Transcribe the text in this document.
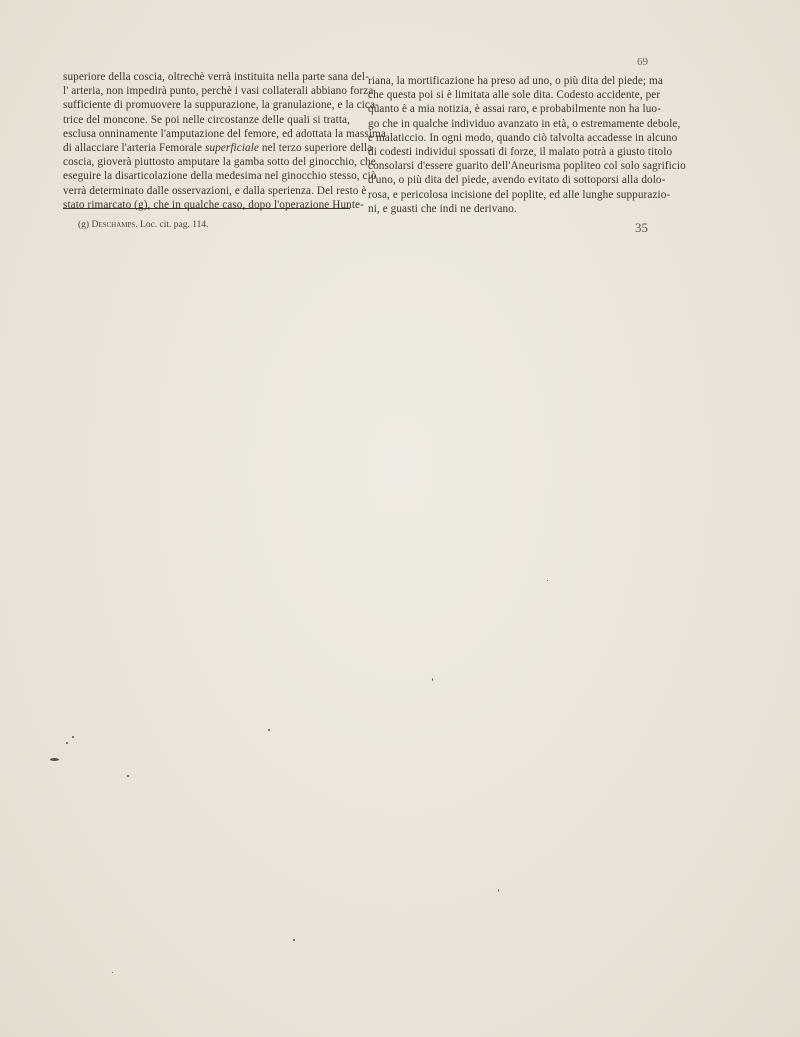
69
superiore della coscia, oltrechè verrà instituita nella parte sana del-
l' arteria, non impedirà punto, perchè i vasi collaterali abbiano forza
sufficiente di promuovere la suppurazione, la granulazione, e la cica-
trice del moncone. Se poi nelle circostanze delle quali si tratta,
esclusa onninamente l'amputazione del femore, ed adottata la massima
di allacciare l'arteria Femorale superficiale nel terzo superiore della
coscia, gioverà piuttosto amputare la gamba sotto del ginocchio, che
eseguire la disarticolazione della medesima nel ginocchio stesso, ciò
verrà determinato dalle osservazioni, e dalla sperienza. Del resto è
stato rimarcato (g), che in qualche caso, dopo l'operazione Hunte-
(g) Deschamps. Loc. cit. pag. 114.
riana, la mortificazione ha preso ad uno, o più dita del piede; ma
che questa poi si è limitata alle sole dita. Codesto accidente, per
quanto è a mia notizia, è assai raro, e probabilmente non ha luo-
go che in qualche individuo avanzato in età, o estremamente debole,
e malaticcio. In ogni modo, quando ciò talvolta accadesse in alcuno
di codesti individui spossati di forze, il malato potrà a giusto titolo
consolarsi d'essere guarito dell'Aneurisma popliteo col solo sagrificio
d'uno, o più dita del piede, avendo evitato di sottoporsi alla dolo-
rosa, e pericolosa incisione del poplite, ed alle lunghe suppurazio-
ni, e guasti che indi ne derivano.
35
